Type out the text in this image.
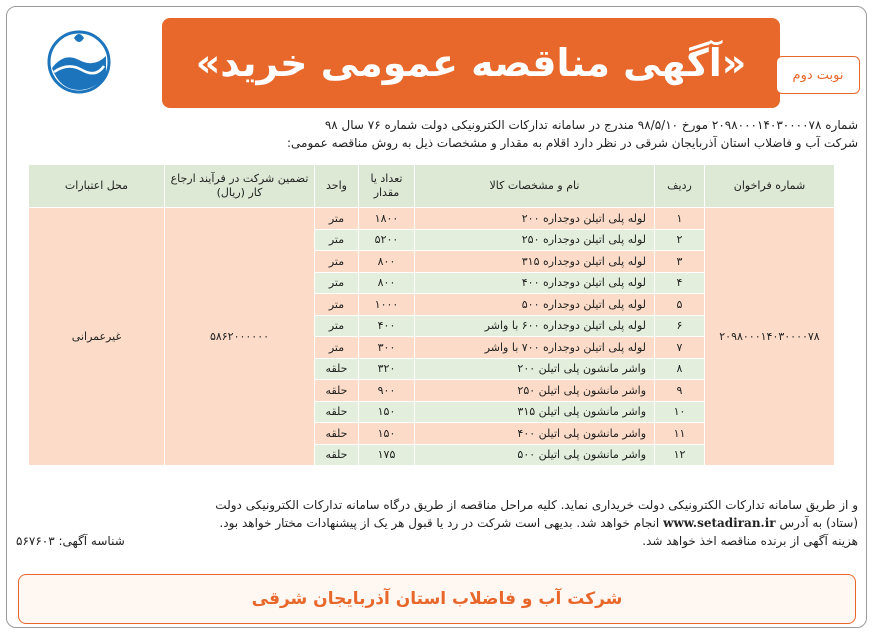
«آگهی مناقصه عمومی خرید»	نوبت دوم
شماره ۲۰۹۸۰۰۰۱۴۰۳۰۰۰۰۷۸ مورخ ۹۸/۵/۱۰ مندرج در سامانه تدارکات الکترونیکی دولت شماره ۷۶ سال ۹۸
شرکت آب و فاضلاب استان آذربایجان شرقی در نظر دارد اقلام به مقدار و مشخصات ذیل به روش مناقصه عمومی:
شماره فراخوان	ردیف	نام و مشخصات کالا	تعداد یا مقدار	واحد	تضمین شرکت در فرآیند ارجاع کار (ریال)	محل اعتبارات
۲۰۹۸۰۰۰۱۴۰۳۰۰۰۰۷۸	۱	لوله پلی اتیلن دوجداره ۲۰۰	۱۸۰۰	متر	۵۸۶۲۰۰۰۰۰۰	غیرعمرانی
	۲	لوله پلی اتیلن دوجداره ۲۵۰	۵۲۰۰	متر		
	۳	لوله پلی اتیلن دوجداره ۳۱۵	۸۰۰	متر		
	۴	لوله پلی اتیلن دوجداره ۴۰۰	۸۰۰	متر		
	۵	لوله پلی اتیلن دوجداره ۵۰۰	۱۰۰۰	متر		
	۶	لوله پلی اتیلن دوجداره ۶۰۰ با واشر	۴۰۰	متر		
	۷	لوله پلی اتیلن دوجداره ۷۰۰ با واشر	۳۰۰	متر		
	۸	واشر مانشون پلی اتیلن ۲۰۰	۳۲۰	حلقه		
	۹	واشر مانشون پلی اتیلن ۲۵۰	۹۰۰	حلقه		
	۱۰	واشر مانشون پلی اتیلن ۳۱۵	۱۵۰	حلقه		
	۱۱	واشر مانشون پلی اتیلن ۴۰۰	۱۵۰	حلقه		
	۱۲	واشر مانشون پلی اتیلن ۵۰۰	۱۷۵	حلقه		
و از طریق سامانه تدارکات الکترونیکی دولت خریداری نماید. کلیه مراحل مناقصه از طریق درگاه سامانه تدارکات الکترونیکی دولت
(ستاد) به آدرس www.setadiran.ir انجام خواهد شد. بدیهی است شرکت در رد یا قبول هر یک از پیشنهادات مختار خواهد بود.
هزینه آگهی از برنده مناقصه اخذ خواهد شد.
شناسه آگهی: ۵۶۷۶۰۳
شرکت آب و فاضلاب استان آذربایجان شرقی
